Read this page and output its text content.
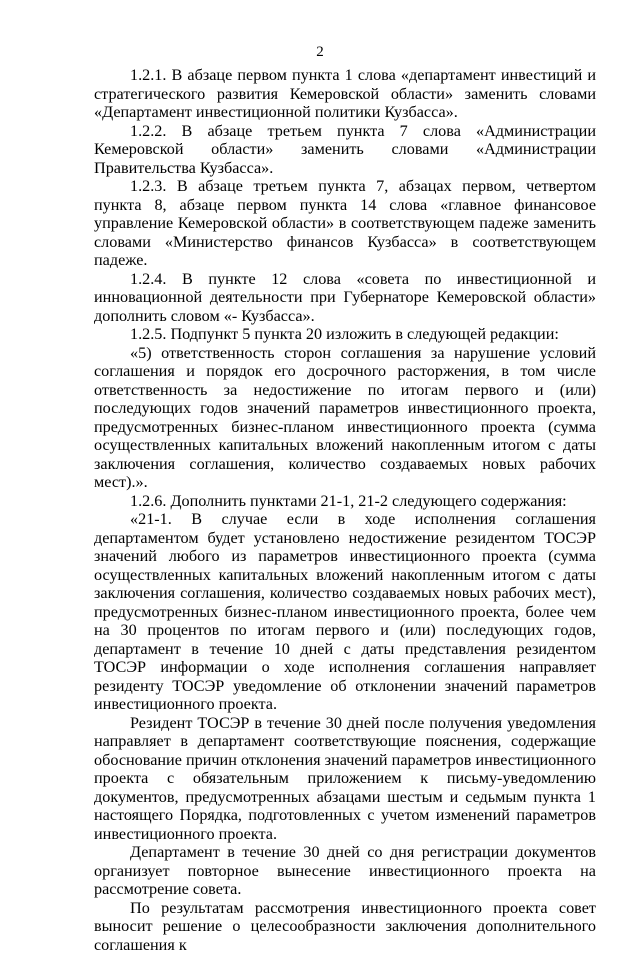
2

1.2.1. В абзаце первом пункта 1 слова «департамент инвестиций и стратегического развития Кемеровской области» заменить словами «Департамент инвестиционной политики Кузбасса».

1.2.2. В абзаце третьем пункта 7 слова «Администрации Кемеровской области» заменить словами «Администрации Правительства Кузбасса».

1.2.3. В абзаце третьем пункта 7, абзацах первом, четвертом пункта 8, абзаце первом пункта 14 слова «главное финансовое управление Кемеровской области» в соответствующем падеже заменить словами «Министерство финансов Кузбасса» в соответствующем падеже.

1.2.4. В пункте 12 слова «совета по инвестиционной и инновационной деятельности при Губернаторе Кемеровской области» дополнить словом «- Кузбасса».

1.2.5. Подпункт 5 пункта 20 изложить в следующей редакции:

«5) ответственность сторон соглашения за нарушение условий соглашения и порядок его досрочного расторжения, в том числе ответственность за недостижение по итогам первого и (или) последующих годов значений параметров инвестиционного проекта, предусмотренных бизнес-планом инвестиционного проекта (сумма осуществленных капитальных вложений накопленным итогом с даты заключения соглашения, количество создаваемых новых рабочих мест).».

1.2.6. Дополнить пунктами 21-1, 21-2 следующего содержания:

«21-1. В случае если в ходе исполнения соглашения департаментом будет установлено недостижение резидентом ТОСЭР значений любого из параметров инвестиционного проекта (сумма осуществленных капитальных вложений накопленным итогом с даты заключения соглашения, количество создаваемых новых рабочих мест), предусмотренных бизнес-планом инвестиционного проекта, более чем на 30 процентов по итогам первого и (или) последующих годов, департамент в течение 10 дней с даты представления резидентом ТОСЭР информации о ходе исполнения соглашения направляет резиденту ТОСЭР уведомление об отклонении значений параметров инвестиционного проекта.

Резидент ТОСЭР в течение 30 дней после получения уведомления направляет в департамент соответствующие пояснения, содержащие обоснование причин отклонения значений параметров инвестиционного проекта с обязательным приложением к письму-уведомлению документов, предусмотренных абзацами шестым и седьмым пункта 1 настоящего Порядка, подготовленных с учетом изменений параметров инвестиционного проекта.

Департамент в течение 30 дней со дня регистрации документов организует повторное вынесение инвестиционного проекта на рассмотрение совета.

По результатам рассмотрения инвестиционного проекта совет выносит решение о целесообразности заключения дополнительного соглашения к
